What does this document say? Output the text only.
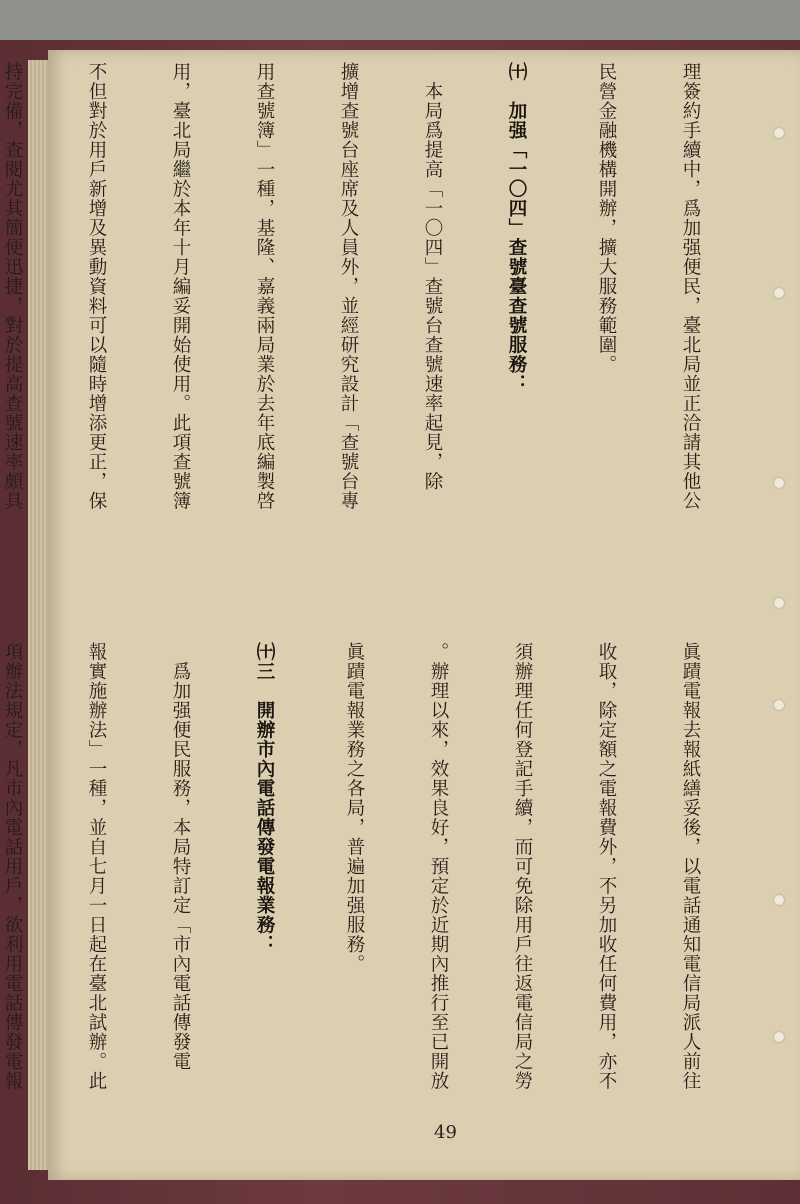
理簽約手續中，爲加强便民，臺北局並正洽請其他公

民營金融機構開辦，擴大服務範圍。

㈩　加强「一〇四」查號臺查號服務：

　本局爲提高「一〇四」查號台查號速率起見，除

擴增查號台座席及人員外，並經研究設計「查號台專

用查號簿」一種，基隆、嘉義兩局業於去年底編製啓

用，臺北局繼於本年十月編妥開始使用。此項查號簿

不但對於用戶新增及異動資料可以隨時增添更正，保

持完備，查閱尤其簡便迅捷，對於提高查號速率頗具

眞蹟電報去報紙繕妥後，以電話通知電信局派人前往

收取，除定額之電報費外，不另加收任何費用，亦不

須辦理任何登記手續，而可免除用戶往返電信局之勞

。辦理以來，效果良好，預定於近期內推行至已開放

眞蹟電報業務之各局，普遍加强服務。

㈩三　開辦市內電話傳發電報業務：

　爲加强便民服務，本局特訂定「市內電話傳發電

報實施辦法」一種，並自七月一日起在臺北試辦。此

項辦法規定，凡市內電話用戶，欲利用電話傳發電報

49
